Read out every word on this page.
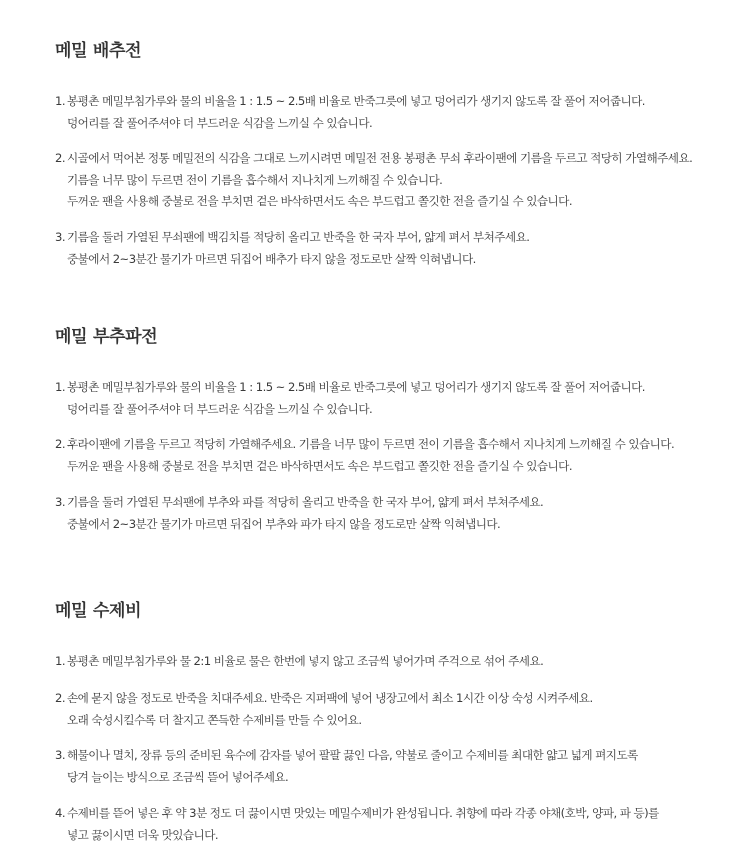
메밀 배추전
1. 봉평촌 메밀부침가루와 물의 비율을 1 : 1.5 ~ 2.5배 비율로 반죽그릇에 넣고 덩어리가 생기지 않도록 잘 풀어 저어줍니다.
덩어리를 잘 풀어주셔야 더 부드러운 식감을 느끼실 수 있습니다.
2. 시골에서 먹어본 정통 메밀전의 식감을 그대로 느끼시려면 메밀전 전용 봉평촌 무쇠 후라이팬에 기름을 두르고 적당히 가열해주세요.
기름을 너무 많이 두르면 전이 기름을 흡수해서 지나치게 느끼해질 수 있습니다.
두꺼운 팬을 사용해 중불로 전을 부치면 겉은 바삭하면서도 속은 부드럽고 쫄깃한 전을 즐기실 수 있습니다.
3. 기름을 둘러 가열된 무쇠팬에 백김치를 적당히 올리고 반죽을 한 국자 부어, 얇게 펴서 부쳐주세요.
중불에서 2~3분간 물기가 마르면 뒤집어 배추가 타지 않을 정도로만 살짝 익혀냅니다.
메밀 부추파전
1. 봉평촌 메밀부침가루와 물의 비율을 1 : 1.5 ~ 2.5배 비율로 반죽그릇에 넣고 덩어리가 생기지 않도록 잘 풀어 저어줍니다.
덩어리를 잘 풀어주셔야 더 부드러운 식감을 느끼실 수 있습니다.
2. 후라이팬에 기름을 두르고 적당히 가열해주세요. 기름을 너무 많이 두르면 전이 기름을 흡수해서 지나치게 느끼해질 수 있습니다.
두꺼운 팬을 사용해 중불로 전을 부치면 겉은 바삭하면서도 속은 부드럽고 쫄깃한 전을 즐기실 수 있습니다.
3. 기름을 둘러 가열된 무쇠팬에 부추와 파를 적당히 올리고 반죽을 한 국자 부어, 얇게 펴서 부쳐주세요.
중불에서 2~3분간 물기가 마르면 뒤집어 부추와 파가 타지 않을 정도로만 살짝 익혀냅니다.
메밀 수제비
1. 봉평촌 메밀부침가루와 물 2:1 비율로 물은 한번에 넣지 않고 조금씩 넣어가며 주걱으로 섞어 주세요.
2. 손에 묻지 않을 정도로 반죽을 치대주세요. 반죽은 지퍼팩에 넣어 냉장고에서 최소 1시간 이상 숙성 시켜주세요.
오래 숙성시킬수록 더 찰지고 쫀득한 수제비를 만들 수 있어요.
3. 해물이나 멸치, 장류 등의 준비된 육수에 감자를 넣어 팔팔 끓인 다음, 약불로 줄이고 수제비를 최대한 얇고 넓게 펴지도록
당겨 늘이는 방식으로 조금씩 뜯어 넣어주세요.
4. 수제비를 뜯어 넣은 후 약 3분 정도 더 끓이시면 맛있는 메밀수제비가 완성됩니다. 취향에 따라 각종 야채(호박, 양파, 파 등)를
넣고 끓이시면 더욱 맛있습니다.
